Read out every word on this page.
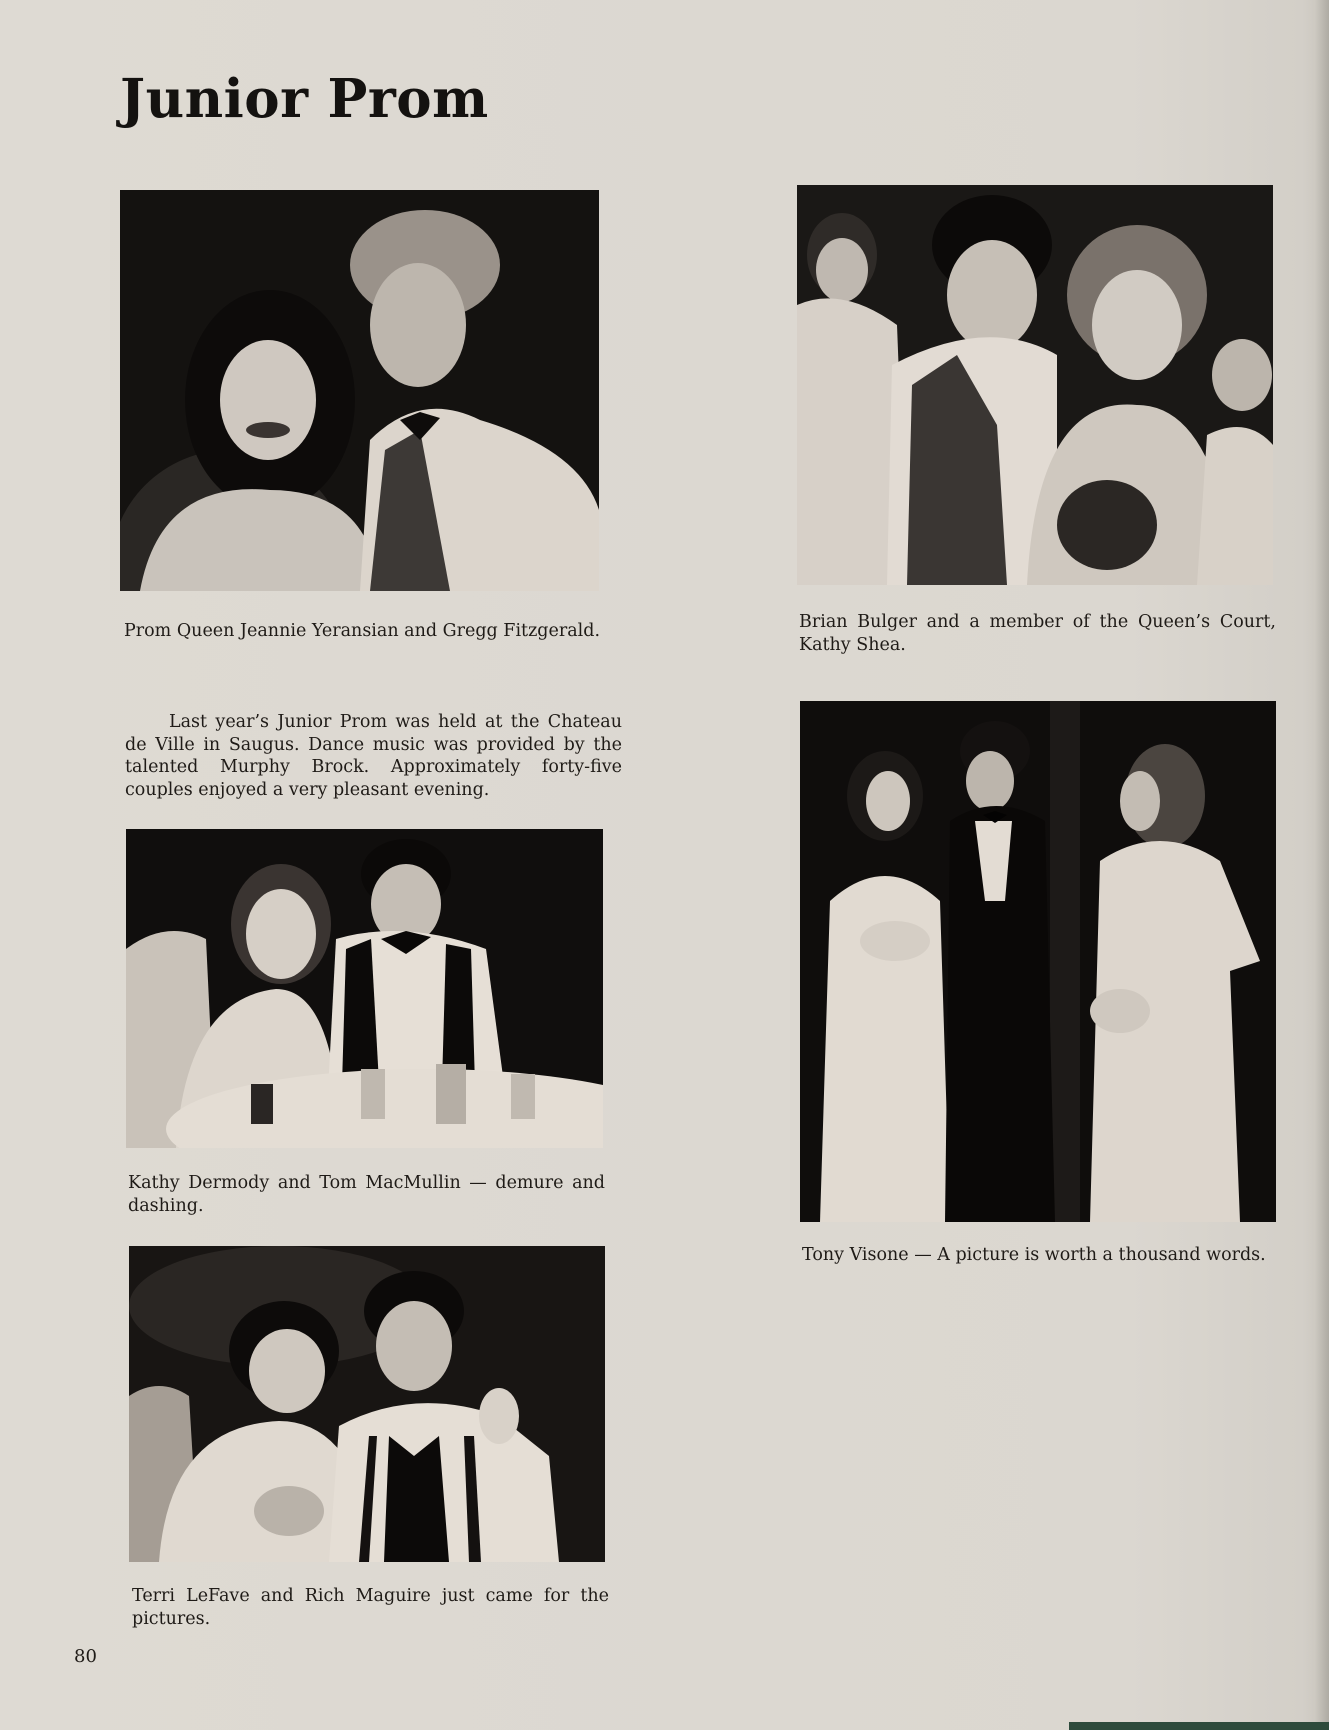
Junior Prom

Prom Queen Jeannie Yeransian and Gregg Fitzgerald.	Brian Bulger and a member of the Queen’s Court, Kathy Shea.

Last year’s Junior Prom was held at the Chateau de Ville in Saugus. Dance music was provided by the talented Murphy Brock. Approximately forty-five couples enjoyed a very pleasant evening.

Kathy Dermody and Tom MacMullin — demure and dashing.

Tony Visone — A picture is worth a thousand words.

Terri LeFave and Rich Maguire just came for the pictures.

80
